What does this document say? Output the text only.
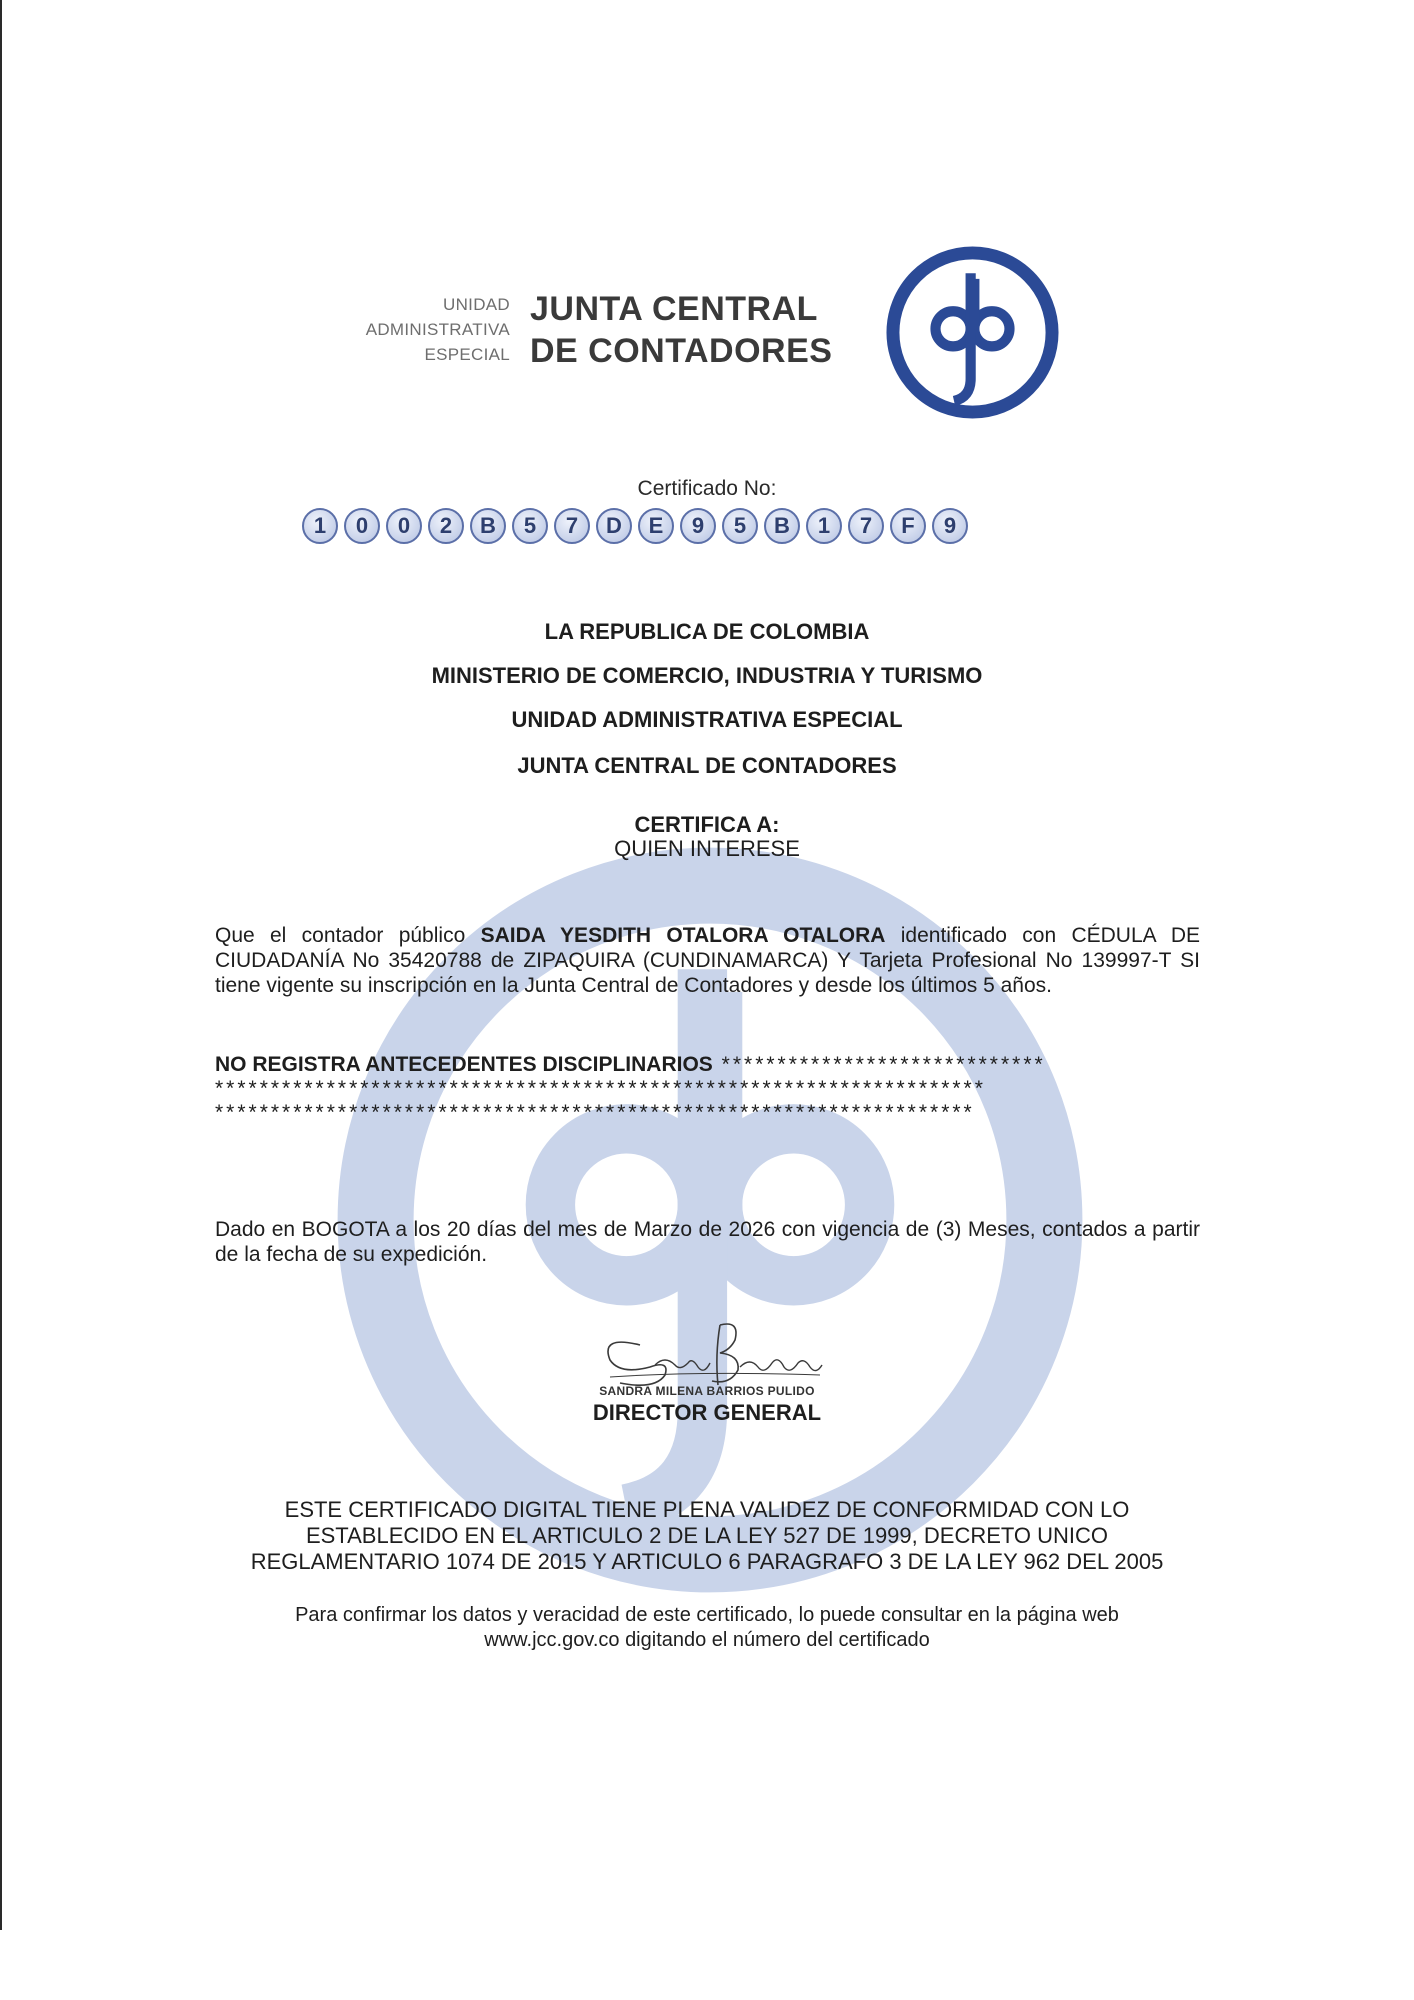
UNIDAD
ADMINISTRATIVA
ESPECIAL
JUNTA CENTRAL
DE CONTADORES
Certificado No:
1	0	0	2	B	5	7	D	E	9	5	B	1	7	F	9
LA REPUBLICA DE COLOMBIA
MINISTERIO DE COMERCIO, INDUSTRIA Y TURISMO
UNIDAD ADMINISTRATIVA ESPECIAL
JUNTA CENTRAL DE CONTADORES
CERTIFICA A:
QUIEN INTERESE
Que el contador público SAIDA YESDITH OTALORA OTALORA identificado con CÉDULA DE CIUDADANÍA No 35420788 de ZIPAQUIRA (CUNDINAMARCA) Y Tarjeta Profesional No 139997-T SI tiene vigente su inscripción en la Junta Central de Contadores y desde los últimos 5 años.
NO REGISTRA ANTECEDENTES DISCIPLINARIOS *****************************
*********************************************************************
********************************************************************
Dado en BOGOTA a los 20 días del mes de Marzo de 2026 con vigencia de (3) Meses, contados a partir de la fecha de su expedición.
SANDRA MILENA BARRIOS PULIDO
DIRECTOR GENERAL
ESTE CERTIFICADO DIGITAL TIENE PLENA VALIDEZ DE CONFORMIDAD CON LO
ESTABLECIDO EN EL ARTICULO 2 DE LA LEY 527 DE 1999, DECRETO UNICO
REGLAMENTARIO 1074 DE 2015 Y ARTICULO 6 PARAGRAFO 3 DE LA LEY 962 DEL 2005
Para confirmar los datos y veracidad de este certificado, lo puede consultar en la página web
www.jcc.gov.co digitando el número del certificado
